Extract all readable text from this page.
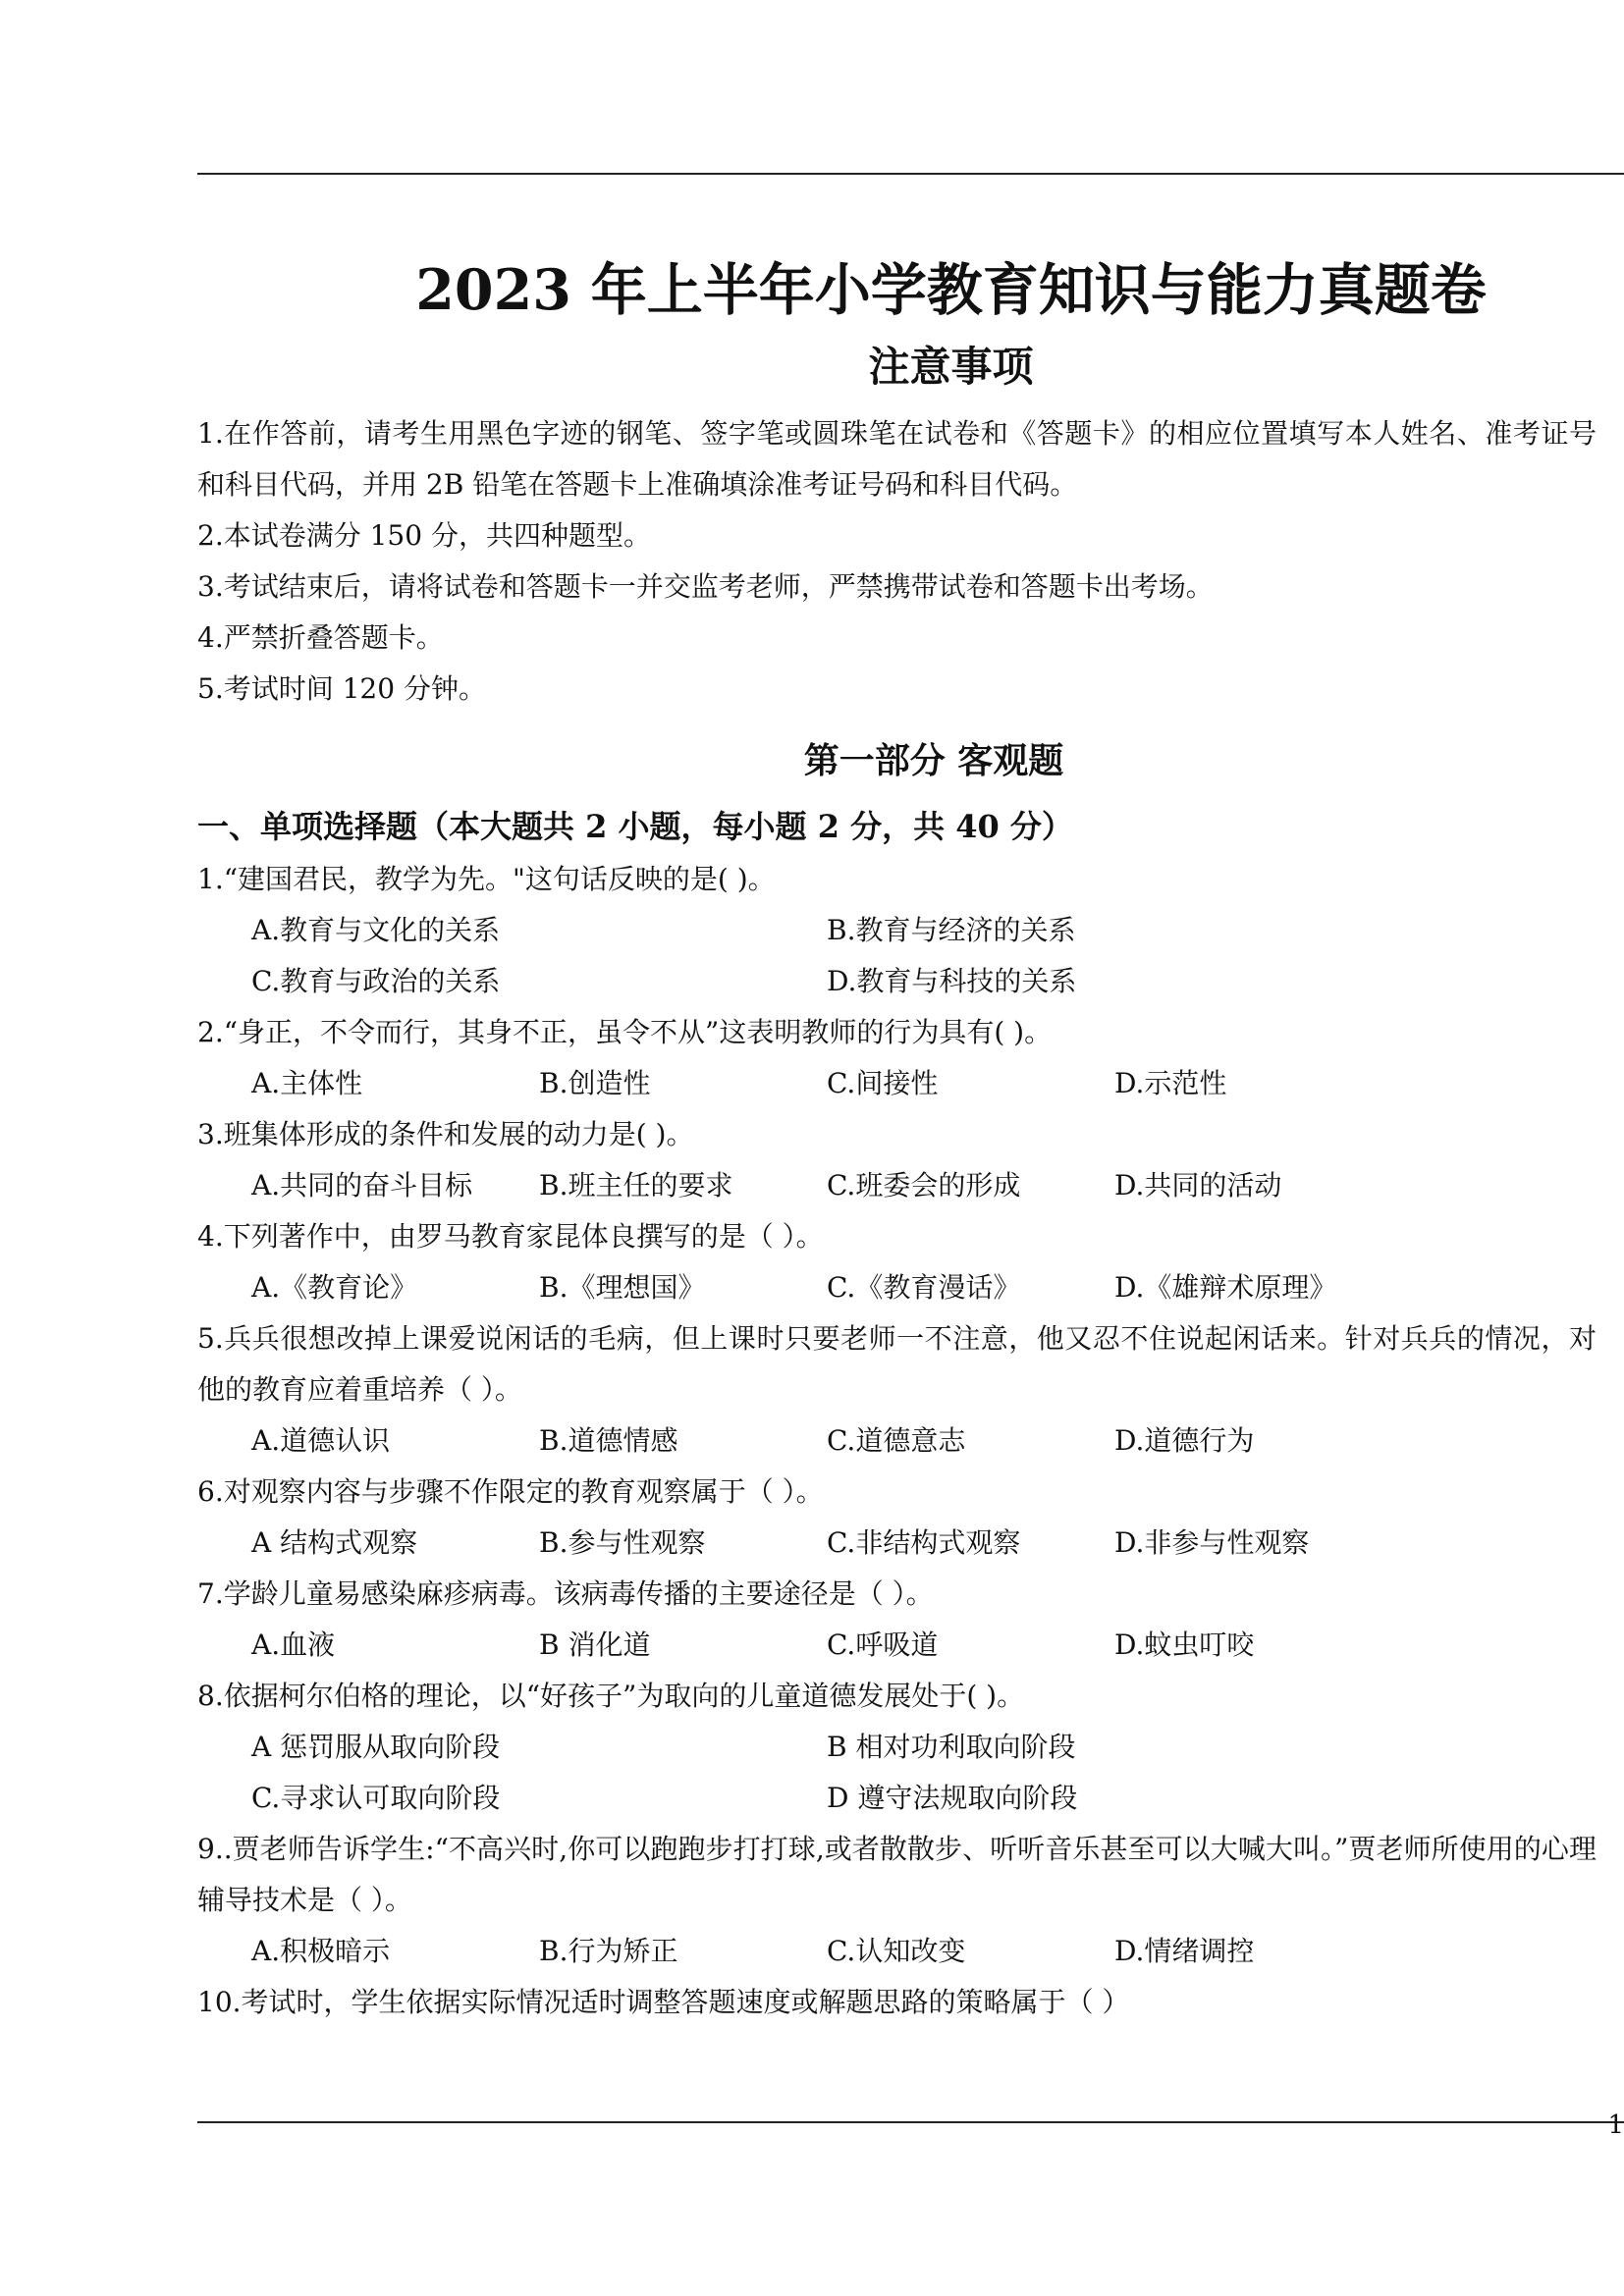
2023 年上半年小学教育知识与能力真题卷
注意事项

1.在作答前，请考生用黑色字迹的钢笔、签字笔或圆珠笔在试卷和《答题卡》的相应位置填写本人姓名、准考证号和科目代码，并用 2B 铅笔在答题卡上准确填涂准考证号码和科目代码。

2.本试卷满分 150 分，共四种题型。

3.考试结束后，请将试卷和答题卡一并交监考老师，严禁携带试卷和答题卡出考场。

4.严禁折叠答题卡。

5.考试时间 120 分钟。

第一部分 客观题

一、单项选择题（本大题共 2 小题，每小题 2 分，共 40 分）

1.“建国君民，教学为先。"这句话反映的是( )。

A.教育与文化的关系	B.教育与经济的关系
C.教育与政治的关系	D.教育与科技的关系

2.“身正，不令而行，其身不正，虽令不从”这表明教师的行为具有( )。

A.主体性	B.创造性	C.间接性	D.示范性

3.班集体形成的条件和发展的动力是( )。

A.共同的奋斗目标	B.班主任的要求	C.班委会的形成	D.共同的活动

4.下列著作中，由罗马教育家昆体良撰写的是（ ）。

A.《教育论》	B.《理想国》	C.《教育漫话》	D.《雄辩术原理》

5.兵兵很想改掉上课爱说闲话的毛病，但上课时只要老师一不注意，他又忍不住说起闲话来。针对兵兵的情况，对他的教育应着重培养（ ）。

A.道德认识	B.道德情感	C.道德意志	D.道德行为

6.对观察内容与步骤不作限定的教育观察属于（ ）。

A 结构式观察	B.参与性观察	C.非结构式观察	D.非参与性观察

7.学龄儿童易感染麻疹病毒。该病毒传播的主要途径是（ ）。

A.血液	B 消化道	C.呼吸道	D.蚊虫叮咬

8.依据柯尔伯格的理论，以“好孩子”为取向的儿童道德发展处于( )。

A 惩罚服从取向阶段	B 相对功利取向阶段
C.寻求认可取向阶段	D 遵守法规取向阶段

9..贾老师告诉学生:“不高兴时,你可以跑跑步打打球,或者散散步、听听音乐甚至可以大喊大叫。”贾老师所使用的心理辅导技术是（ ）。

A.积极暗示	B.行为矫正	C.认知改变	D.情绪调控

10.考试时，学生依据实际情况适时调整答题速度或解题思路的策略属于（ ）

1
